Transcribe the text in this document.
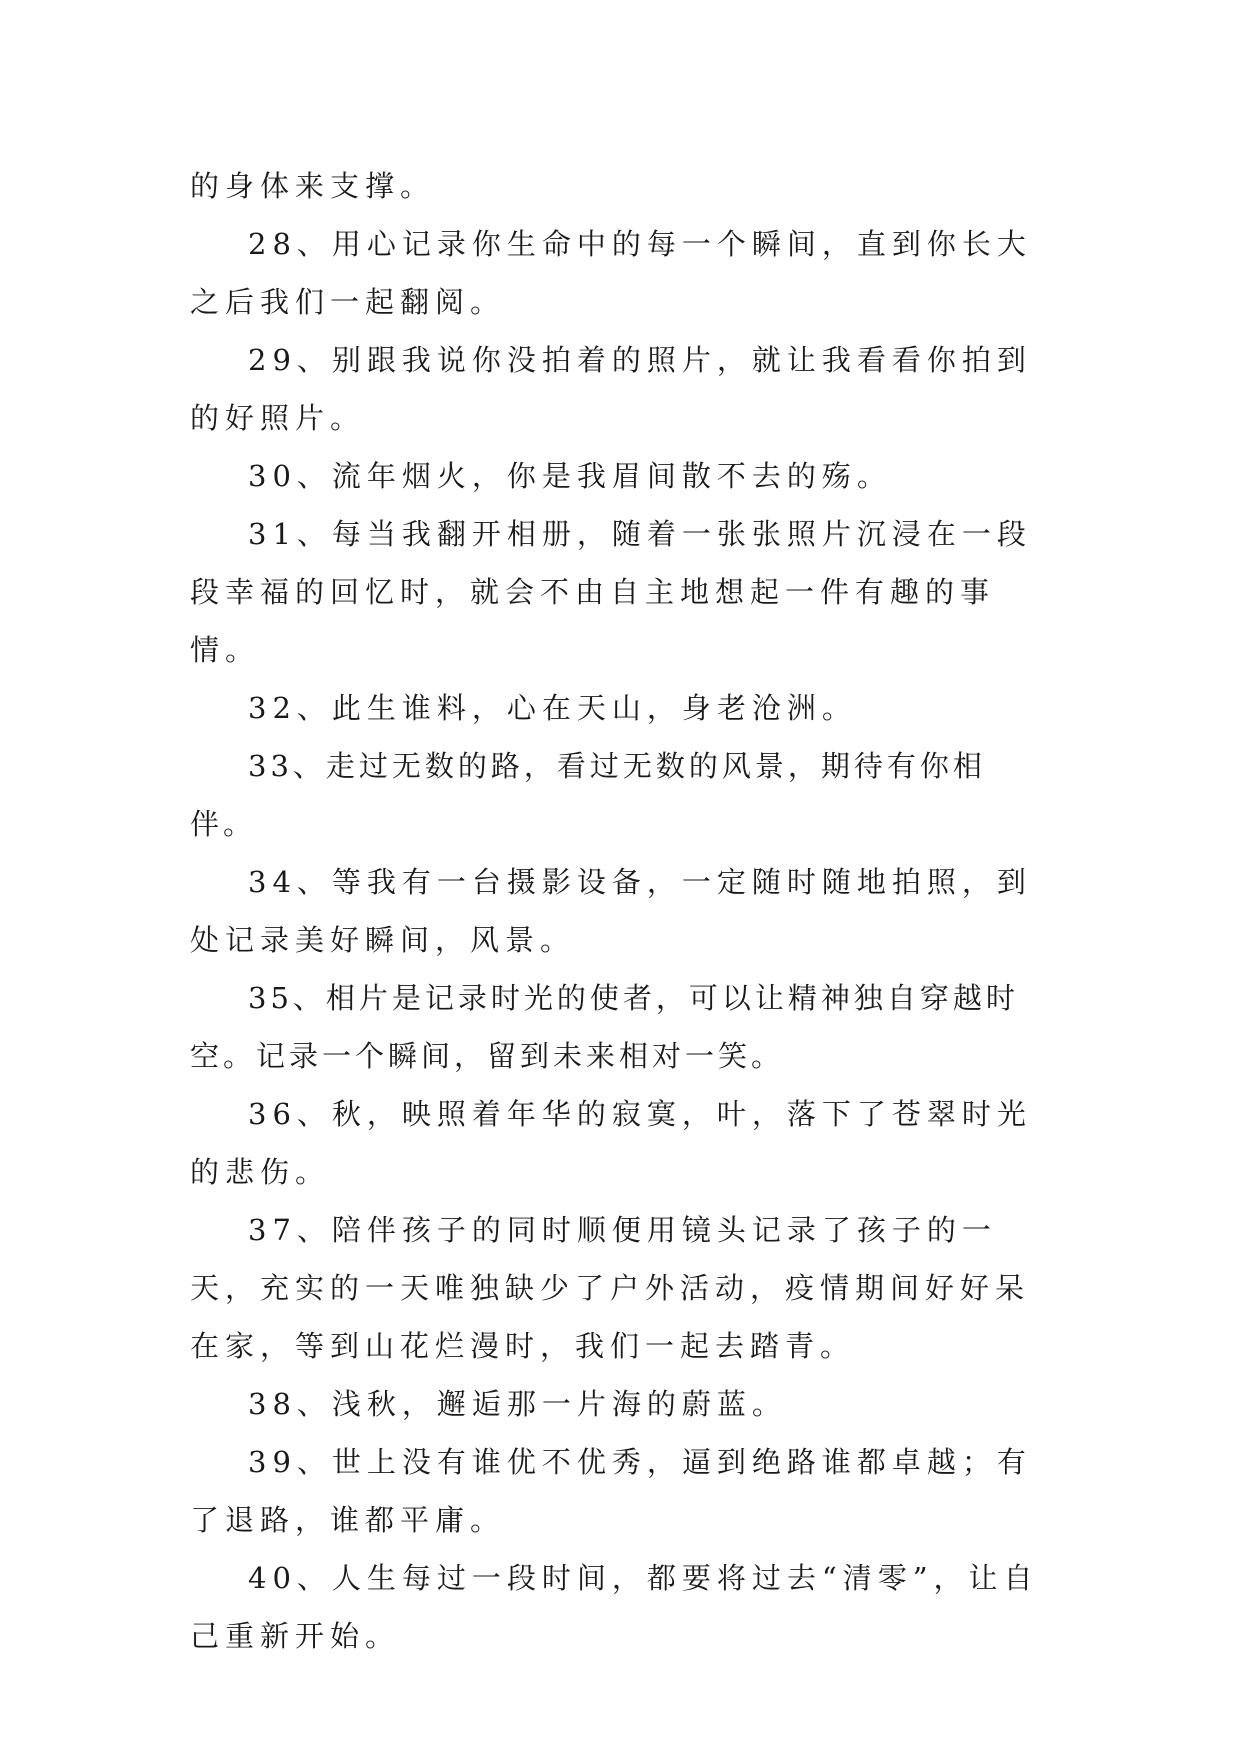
的身体来支撑。

28、用心记录你生命中的每一个瞬间，直到你长大之后我们一起翻阅。

29、别跟我说你没拍着的照片，就让我看看你拍到的好照片。

30、流年烟火，你是我眉间散不去的殇。

31、每当我翻开相册，随着一张张照片沉浸在一段段幸福的回忆时，就会不由自主地想起一件有趣的事情。

32、此生谁料，心在天山，身老沧洲。

33、走过无数的路，看过无数的风景，期待有你相伴。

34、等我有一台摄影设备，一定随时随地拍照，到处记录美好瞬间，风景。

35、相片是记录时光的使者，可以让精神独自穿越时空。记录一个瞬间，留到未来相对一笑。

36、秋，映照着年华的寂寞，叶，落下了苍翠时光的悲伤。

37、陪伴孩子的同时顺便用镜头记录了孩子的一天，充实的一天唯独缺少了户外活动，疫情期间好好呆在家，等到山花烂漫时，我们一起去踏青。

38、浅秋，邂逅那一片海的蔚蓝。

39、世上没有谁优不优秀，逼到绝路谁都卓越；有了退路，谁都平庸。

40、人生每过一段时间，都要将过去“清零”，让自己重新开始。
